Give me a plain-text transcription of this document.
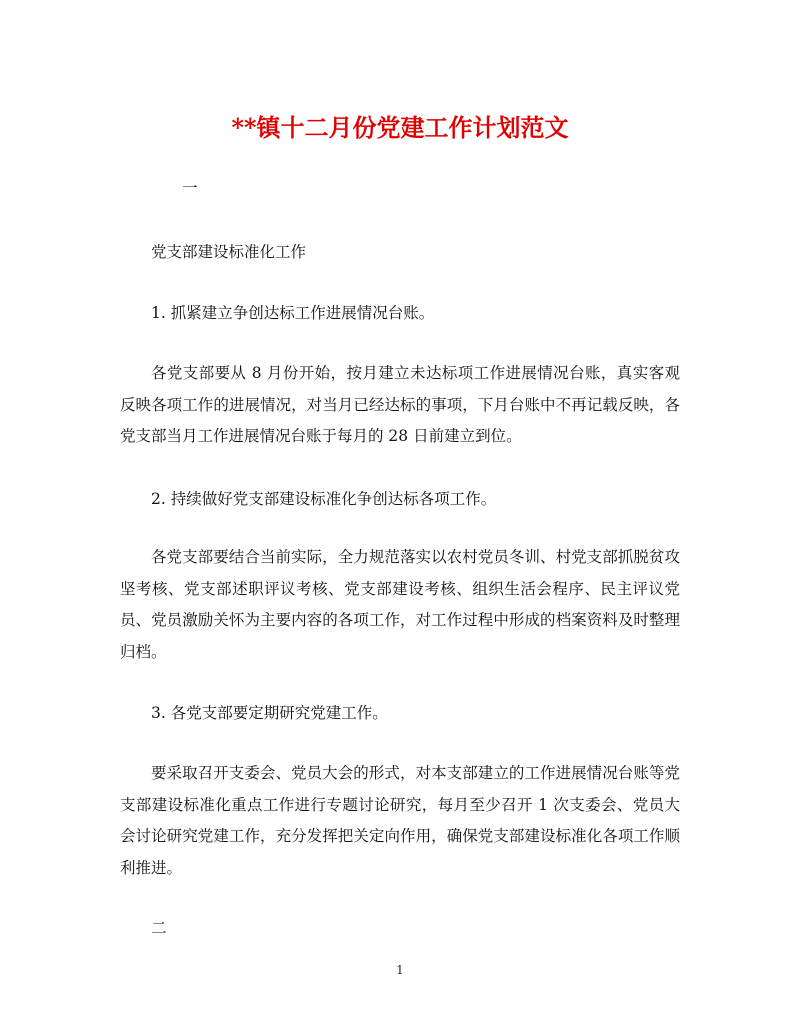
**镇十二月份党建工作计划范文
一
党支部建设标准化工作
1. 抓紧建立争创达标工作进展情况台账。
各党支部要从 8 月份开始，按月建立未达标项工作进展情况台账，真实客观反映各项工作的进展情况，对当月已经达标的事项，下月台账中不再记载反映，各党支部当月工作进展情况台账于每月的 28 日前建立到位。
2. 持续做好党支部建设标准化争创达标各项工作。
各党支部要结合当前实际，全力规范落实以农村党员冬训、村党支部抓脱贫攻坚考核、党支部述职评议考核、党支部建设考核、组织生活会程序、民主评议党员、党员激励关怀为主要内容的各项工作，对工作过程中形成的档案资料及时整理归档。
3. 各党支部要定期研究党建工作。
要采取召开支委会、党员大会的形式，对本支部建立的工作进展情况台账等党支部建设标准化重点工作进行专题讨论研究，每月至少召开 1 次支委会、党员大会讨论研究党建工作，充分发挥把关定向作用，确保党支部建设标准化各项工作顺利推进。
二
1
